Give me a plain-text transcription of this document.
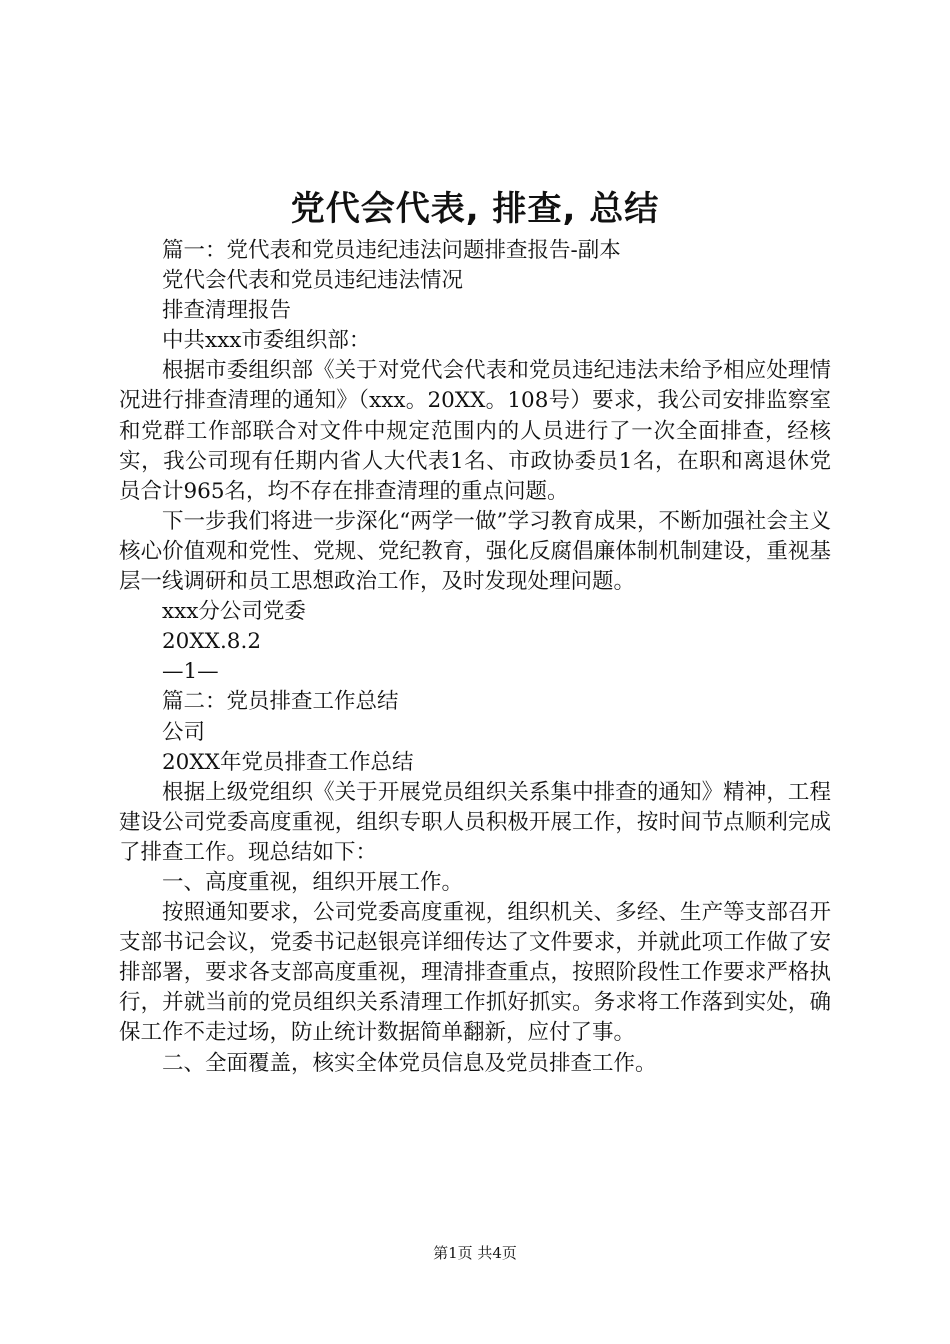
党代会代表, 排查, 总结

篇一：党代表和党员违纪违法问题排查报告-副本

党代会代表和党员违纪违法情况

排查清理报告

中共xxx市委组织部：

根据市委组织部《关于对党代会代表和党员违纪违法未给予相应处理情况进行排查清理的通知》（xxx。20XX。108号）要求，我公司安排监察室和党群工作部联合对文件中规定范围内的人员进行了一次全面排查，经核实，我公司现有任期内省人大代表1名、市政协委员1名，在职和离退休党员合计965名，均不存在排查清理的重点问题。

下一步我们将进一步深化“两学一做”学习教育成果，不断加强社会主义核心价值观和党性、党规、党纪教育，强化反腐倡廉体制机制建设，重视基层一线调研和员工思想政治工作，及时发现处理问题。

xxx分公司党委

20XX.8.2

—1—

篇二：党员排查工作总结

公司

20XX年党员排查工作总结

根据上级党组织《关于开展党员组织关系集中排查的通知》精神，工程建设公司党委高度重视，组织专职人员积极开展工作，按时间节点顺利完成了排查工作。现总结如下：

一、高度重视，组织开展工作。

按照通知要求，公司党委高度重视，组织机关、多经、生产等支部召开支部书记会议，党委书记赵银亮详细传达了文件要求，并就此项工作做了安排部署，要求各支部高度重视，理清排查重点，按照阶段性工作要求严格执行，并就当前的党员组织关系清理工作抓好抓实。务求将工作落到实处，确保工作不走过场，防止统计数据简单翻新，应付了事。

二、全面覆盖，核实全体党员信息及党员排查工作。

第1页 共4页
